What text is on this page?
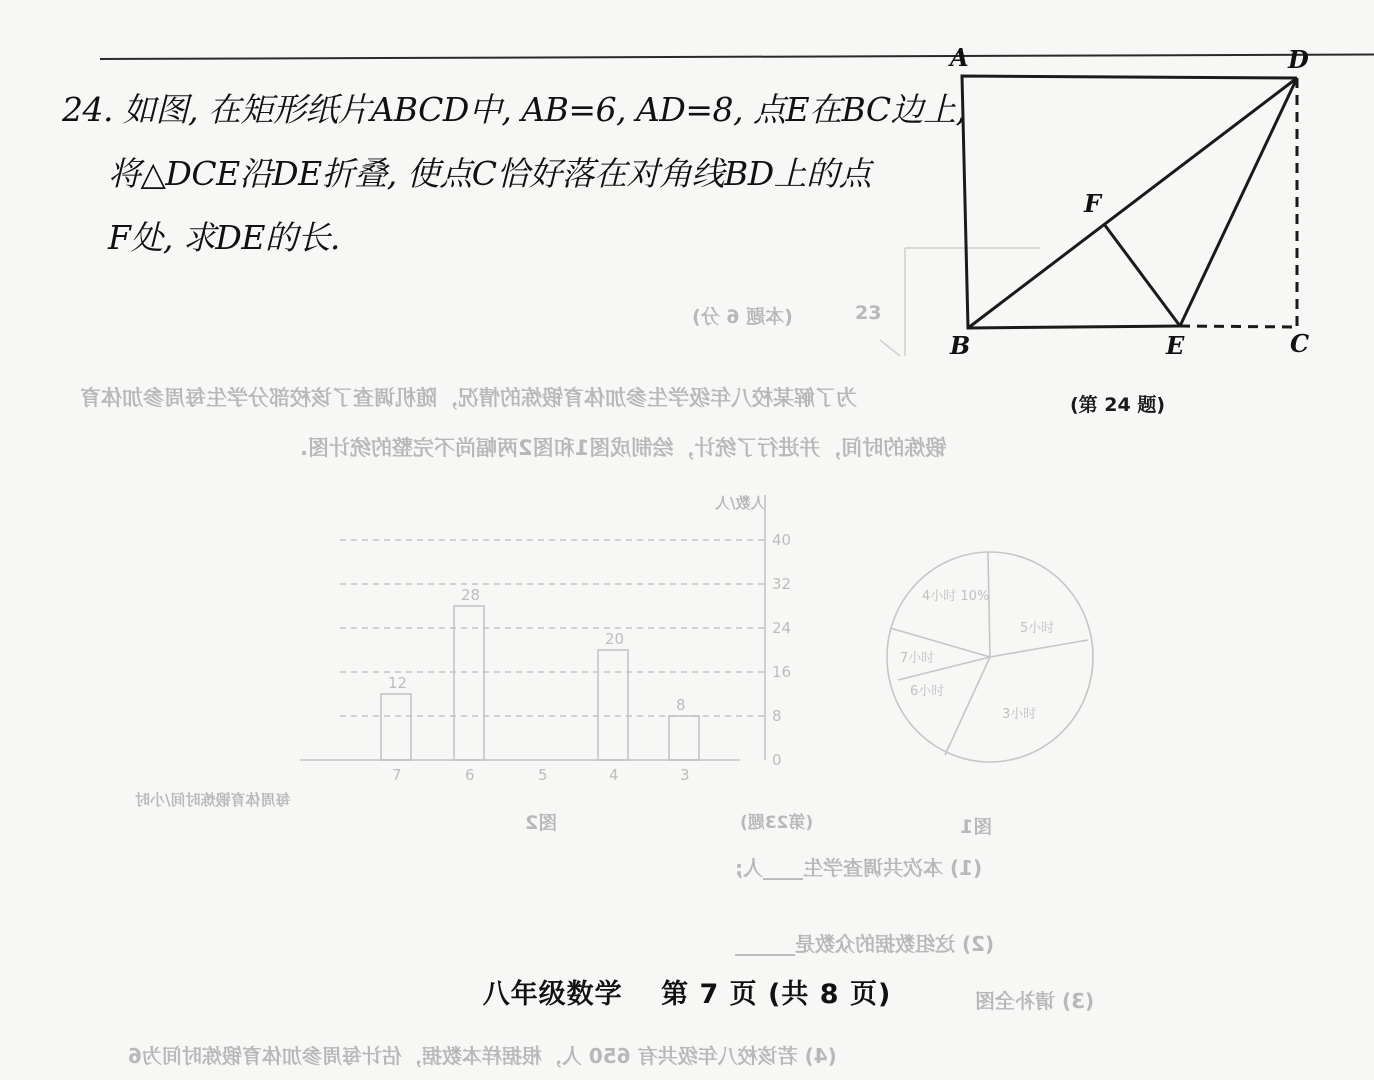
24. 如图, 在矩形纸片ABCD中, AB=6, AD=8, 点E在BC边上,
将△DCE沿DE折叠, 使点C恰好落在对角线BD上的点
F处, 求DE的长.
为了解某校八年级学生参加体育锻炼的情况，随机调查了该校部分学生每周参加体育
锻炼的时间，并进行了统计，绘制成图1和图2两幅尚不完整的统计图.
(本题 6 分)	23
人数/人
每周体育锻炼时间/小时
图2	(第23题)	图1
(1) 本次共调查学生____人;
(2) 这组数据的众数是______
(3) 请补全图
(4) 若该校八年级共有 650 人，根据样本数据，估计每周参加体育锻炼时间为6
0
8
16
24
32
40
12
7
28
6	5
20
4
8
3
4小时 10%
5小时
7小时
6小时
3小时
A	D
B	E	C
F
(第 24 题)
八年级数学 第 7 页 (共 8 页)
